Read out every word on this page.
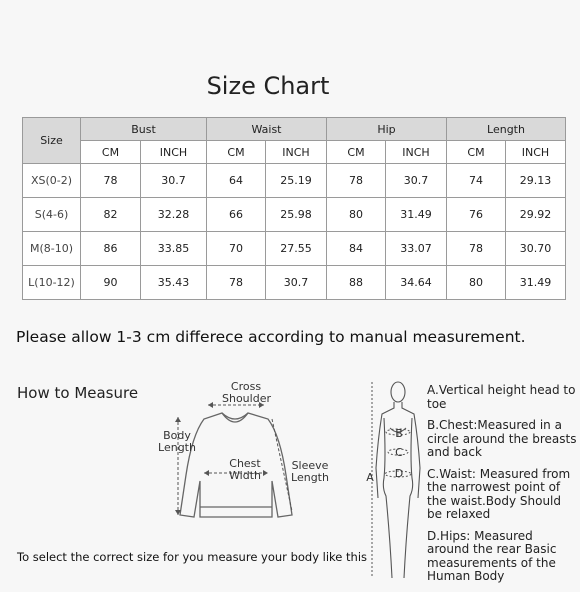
Size Chart
Size	Bust		Waist		Hip		Length	
	CM	INCH	CM	INCH	CM	INCH	CM	INCH
XS(0-2)	78	30.7	64	25.19	78	30.7	74	29.13
S(4-6)	82	32.28	66	25.98	80	31.49	76	29.92
M(8-10)	86	33.85	70	27.55	84	33.07	78	30.70
L(10-12)	90	35.43	78	30.7	88	34.64	80	31.49
Please allow 1-3 cm differece according to manual measurement.
How to Measure	Cross
Shoulder
Body
Length
Chest
Width
Sleeve
Length	A
B
C
D

A.Vertical height head to toe

B.Chest:Measured in a circle around the breasts and back

C.Waist: Measured from the narrowest point of the waist.Body Should be relaxed

D.Hips: Measured around the rear Basic measurements of the Human Body

To select the correct size for you measure your body like this
